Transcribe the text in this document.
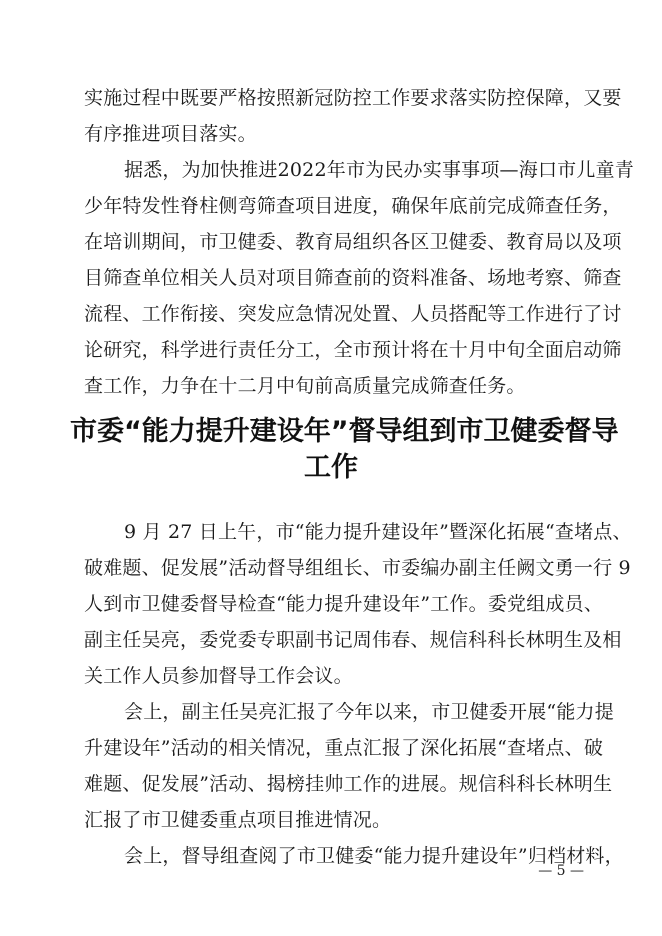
实施过程中既要严格按照新冠防控工作要求落实防控保障，又要
有序推进项目落实。
据悉，为加快推进2022年市为民办实事事项—海口市儿童青
少年特发性脊柱侧弯筛查项目进度，确保年底前完成筛查任务，
在培训期间，市卫健委、教育局组织各区卫健委、教育局以及项
目筛查单位相关人员对项目筛查前的资料准备、场地考察、筛查
流程、工作衔接、突发应急情况处置、人员搭配等工作进行了讨
论研究，科学进行责任分工，全市预计将在十月中旬全面启动筛
查工作，力争在十二月中旬前高质量完成筛查任务。
市委“能力提升建设年”督导组到市卫健委督导
工作
9 月 27 日上午，市“能力提升建设年”暨深化拓展“查堵点、
破难题、促发展”活动督导组组长、市委编办副主任阙文勇一行 9
人到市卫健委督导检查“能力提升建设年”工作。委党组成员、
副主任吴亮，委党委专职副书记周伟春、规信科科长林明生及相
关工作人员参加督导工作会议。
会上，副主任吴亮汇报了今年以来，市卫健委开展“能力提
升建设年”活动的相关情况，重点汇报了深化拓展“查堵点、破
难题、促发展”活动、揭榜挂帅工作的进展。规信科科长林明生
汇报了市卫健委重点项目推进情况。
会上，督导组查阅了市卫健委“能力提升建设年”归档材料，
— 5 —
